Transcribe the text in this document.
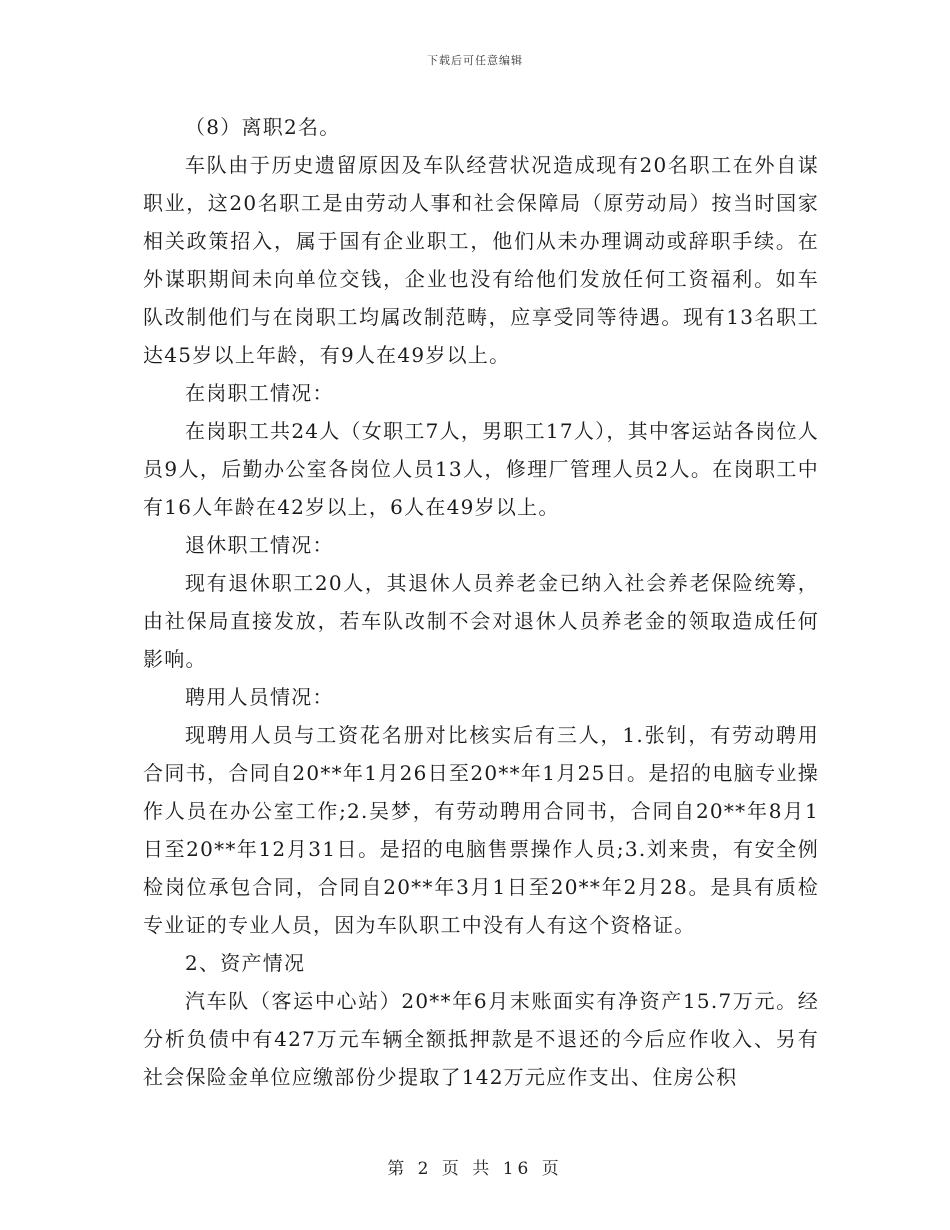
下载后可任意编辑

（8）离职2名。

车队由于历史遗留原因及车队经营状况造成现有20名职工在外自谋职业，这20名职工是由劳动人事和社会保障局（原劳动局）按当时国家相关政策招入，属于国有企业职工，他们从未办理调动或辞职手续。在外谋职期间未向单位交钱，企业也没有给他们发放任何工资福利。如车队改制他们与在岗职工均属改制范畴，应享受同等待遇。现有13名职工达45岁以上年龄，有9人在49岁以上。

在岗职工情况：

在岗职工共24人（女职工7人，男职工17人），其中客运站各岗位人员9人，后勤办公室各岗位人员13人，修理厂管理人员2人。在岗职工中有16人年龄在42岁以上，6人在49岁以上。

退休职工情况：

现有退休职工20人，其退休人员养老金已纳入社会养老保险统筹，由社保局直接发放，若车队改制不会对退休人员养老金的领取造成任何影响。

聘用人员情况：

现聘用人员与工资花名册对比核实后有三人，1.张钊，有劳动聘用合同书，合同自20**年1月26日至20**年1月25日。是招的电脑专业操作人员在办公室工作;2.吴梦，有劳动聘用合同书，合同自20**年8月1日至20**年12月31日。是招的电脑售票操作人员;3.刘来贵，有安全例检岗位承包合同，合同自20**年3月1日至20**年2月28。是具有质检专业证的专业人员，因为车队职工中没有人有这个资格证。

2、资产情况

汽车队（客运中心站）20**年6月末账面实有净资产15.7万元。经分析负债中有427万元车辆全额抵押款是不退还的今后应作收入、另有社会保险金单位应缴部份少提取了142万元应作支出、住房公积

第 2 页 共 16 页
